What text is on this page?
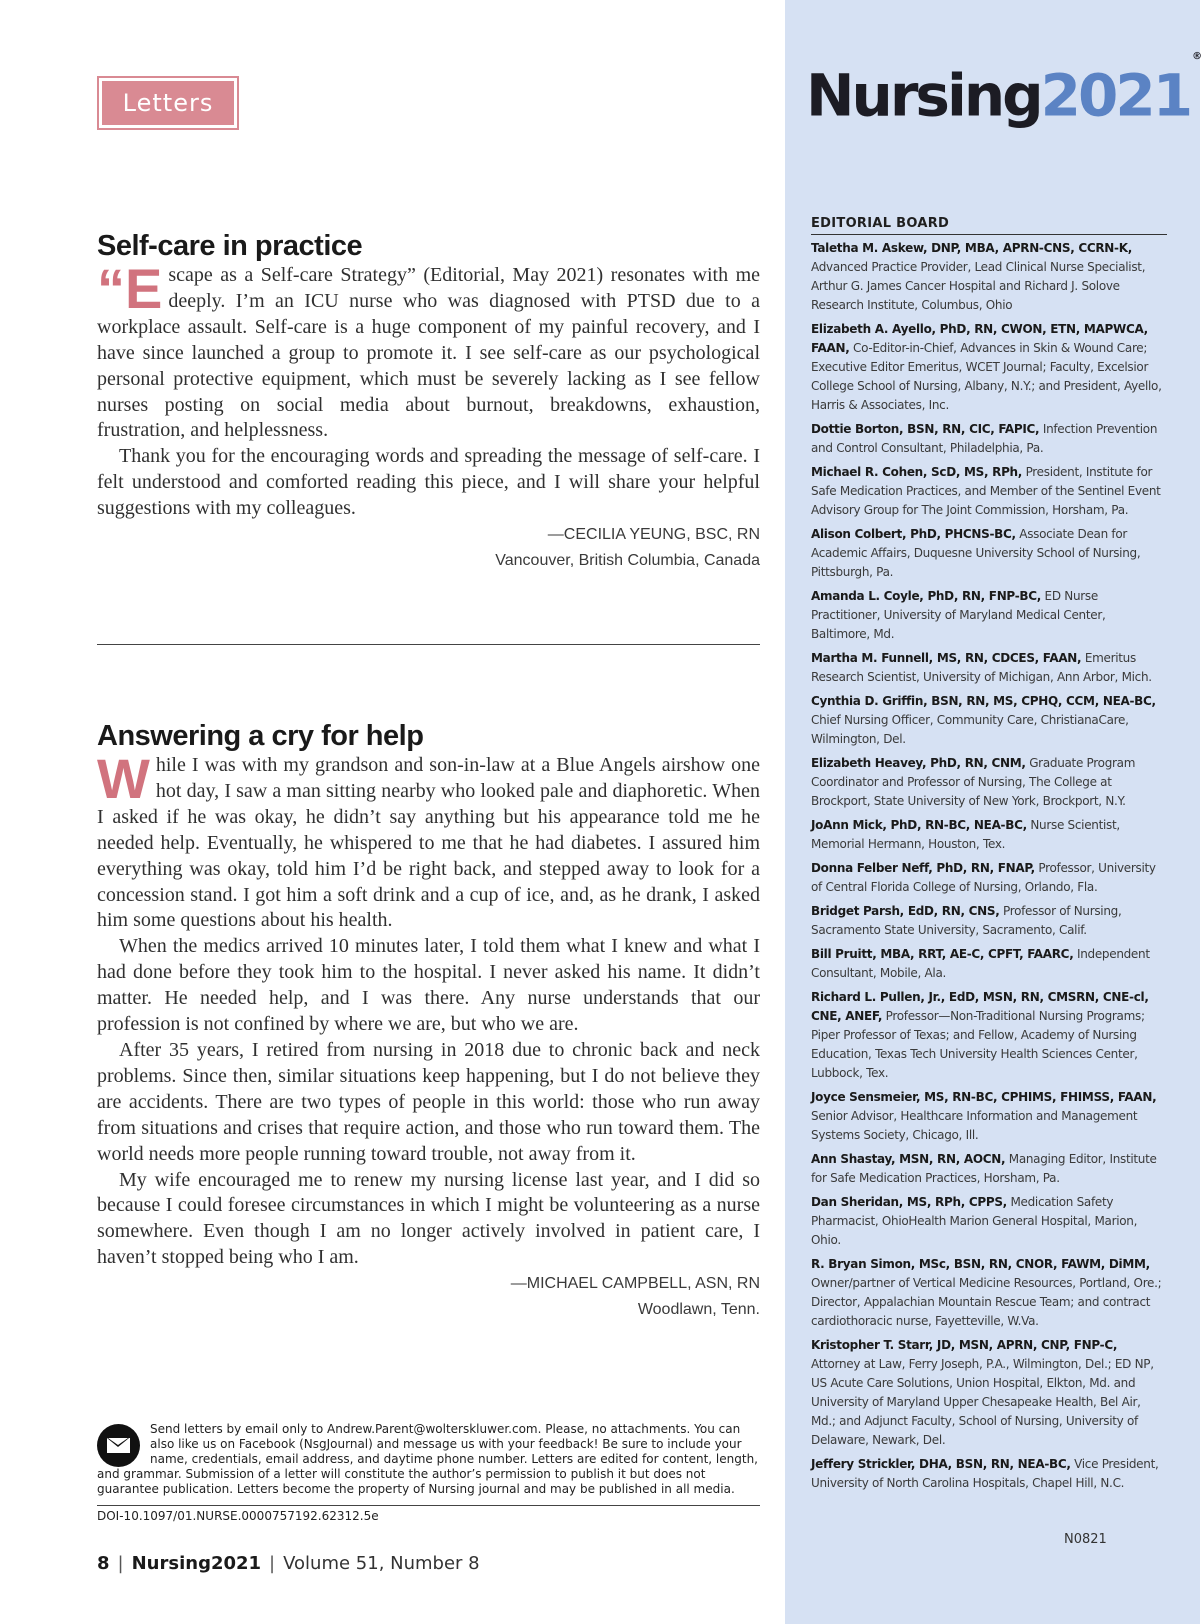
Letters	Nursing2021®
Self-care in practice

“E scape as a Self-care Strategy” (Editorial, May 2021) resonates with me deeply. I’m an ICU nurse who was diagnosed with PTSD due to a workplace assault. Self-care is a huge component of my painful recovery, and I have since launched a group to promote it. I see self-care as our psychological personal protective equipment, which must be severely lacking as I see fellow nurses posting on social media about burnout, breakdowns, exhaustion, frustration, and helplessness.

Thank you for the encouraging words and spreading the message of self-care. I felt understood and comforted reading this piece, and I will share your helpful suggestions with my colleagues.

—CECILIA YEUNG, BSC, RN
Vancouver, British Columbia, Canada
Answering a cry for help

While I was with my grandson and son-in-law at a Blue Angels airshow one hot day, I saw a man sitting nearby who looked pale and diaphoretic. When I asked if he was okay, he didn’t say anything but his appearance told me he needed help. Eventually, he whispered to me that he had diabetes. I assured him everything was okay, told him I’d be right back, and stepped away to look for a concession stand. I got him a soft drink and a cup of ice, and, as he drank, I asked him some questions about his health.

When the medics arrived 10 minutes later, I told them what I knew and what I had done before they took him to the hospital. I never asked his name. It didn’t matter. He needed help, and I was there. Any nurse understands that our profession is not confined by where we are, but who we are.

After 35 years, I retired from nursing in 2018 due to chronic back and neck problems. Since then, similar situations keep happening, but I do not believe they are accidents. There are two types of people in this world: those who run away from situations and crises that require action, and those who run toward them. The world needs more people running toward trouble, not away from it.

My wife encouraged me to renew my nursing license last year, and I did so because I could foresee circumstances in which I might be volunteering as a nurse somewhere. Even though I am no longer actively involved in patient care, I haven’t stopped being who I am.

—MICHAEL CAMPBELL, ASN, RN
Woodlawn, Tenn.
Send letters by email only to Andrew.Parent@wolterskluwer.com. Please, no attachments. You can also like us on Facebook (NsgJournal) and message us with your feedback! Be sure to include your name, credentials, email address, and daytime phone number. Letters are edited for content, length, and grammar. Submission of a letter will constitute the author’s permission to publish it but does not guarantee publication. Letters become the property of Nursing journal and may be published in all media.
DOI-10.1097/01.NURSE.0000757192.62312.5e
8 | Nursing2021 | Volume 51, Number 8
EDITORIAL BOARD
Taletha M. Askew, DNP, MBA, APRN-CNS, CCRN-K, Advanced Practice Provider, Lead Clinical Nurse Specialist, Arthur G. James Cancer Hospital and Richard J. Solove Research Institute, Columbus, Ohio
Elizabeth A. Ayello, PhD, RN, CWON, ETN, MAPWCA, FAAN, Co-Editor-in-Chief, Advances in Skin & Wound Care; Executive Editor Emeritus, WCET Journal; Faculty, Excelsior College School of Nursing, Albany, N.Y.; and President, Ayello, Harris & Associates, Inc.
Dottie Borton, BSN, RN, CIC, FAPIC, Infection Prevention and Control Consultant, Philadelphia, Pa.
Michael R. Cohen, ScD, MS, RPh, President, Institute for Safe Medication Practices, and Member of the Sentinel Event Advisory Group for The Joint Commission, Horsham, Pa.
Alison Colbert, PhD, PHCNS-BC, Associate Dean for Academic Affairs, Duquesne University School of Nursing, Pittsburgh, Pa.
Amanda L. Coyle, PhD, RN, FNP-BC, ED Nurse Practitioner, University of Maryland Medical Center, Baltimore, Md.
Martha M. Funnell, MS, RN, CDCES, FAAN, Emeritus Research Scientist, University of Michigan, Ann Arbor, Mich.
Cynthia D. Griffin, BSN, RN, MS, CPHQ, CCM, NEA-BC, Chief Nursing Officer, Community Care, ChristianaCare, Wilmington, Del.
Elizabeth Heavey, PhD, RN, CNM, Graduate Program Coordinator and Professor of Nursing, The College at Brockport, State University of New York, Brockport, N.Y.
JoAnn Mick, PhD, RN-BC, NEA-BC, Nurse Scientist, Memorial Hermann, Houston, Tex.
Donna Felber Neff, PhD, RN, FNAP, Professor, University of Central Florida College of Nursing, Orlando, Fla.
Bridget Parsh, EdD, RN, CNS, Professor of Nursing, Sacramento State University, Sacramento, Calif.
Bill Pruitt, MBA, RRT, AE-C, CPFT, FAARC, Independent Consultant, Mobile, Ala.
Richard L. Pullen, Jr., EdD, MSN, RN, CMSRN, CNE-cl, CNE, ANEF, Professor—Non-Traditional Nursing Programs; Piper Professor of Texas; and Fellow, Academy of Nursing Education, Texas Tech University Health Sciences Center, Lubbock, Tex.
Joyce Sensmeier, MS, RN-BC, CPHIMS, FHIMSS, FAAN, Senior Advisor, Healthcare Information and Management Systems Society, Chicago, Ill.
Ann Shastay, MSN, RN, AOCN, Managing Editor, Institute for Safe Medication Practices, Horsham, Pa.
Dan Sheridan, MS, RPh, CPPS, Medication Safety Pharmacist, OhioHealth Marion General Hospital, Marion, Ohio.
R. Bryan Simon, MSc, BSN, RN, CNOR, FAWM, DiMM, Owner/partner of Vertical Medicine Resources, Portland, Ore.; Director, Appalachian Mountain Rescue Team; and contract cardiothoracic nurse, Fayetteville, W.Va.
Kristopher T. Starr, JD, MSN, APRN, CNP, FNP-C, Attorney at Law, Ferry Joseph, P.A., Wilmington, Del.; ED NP, US Acute Care Solutions, Union Hospital, Elkton, Md. and University of Maryland Upper Chesapeake Health, Bel Air, Md.; and Adjunct Faculty, School of Nursing, University of Delaware, Newark, Del.
Jeffery Strickler, DHA, BSN, RN, NEA-BC, Vice President, University of North Carolina Hospitals, Chapel Hill, N.C.
N0821
